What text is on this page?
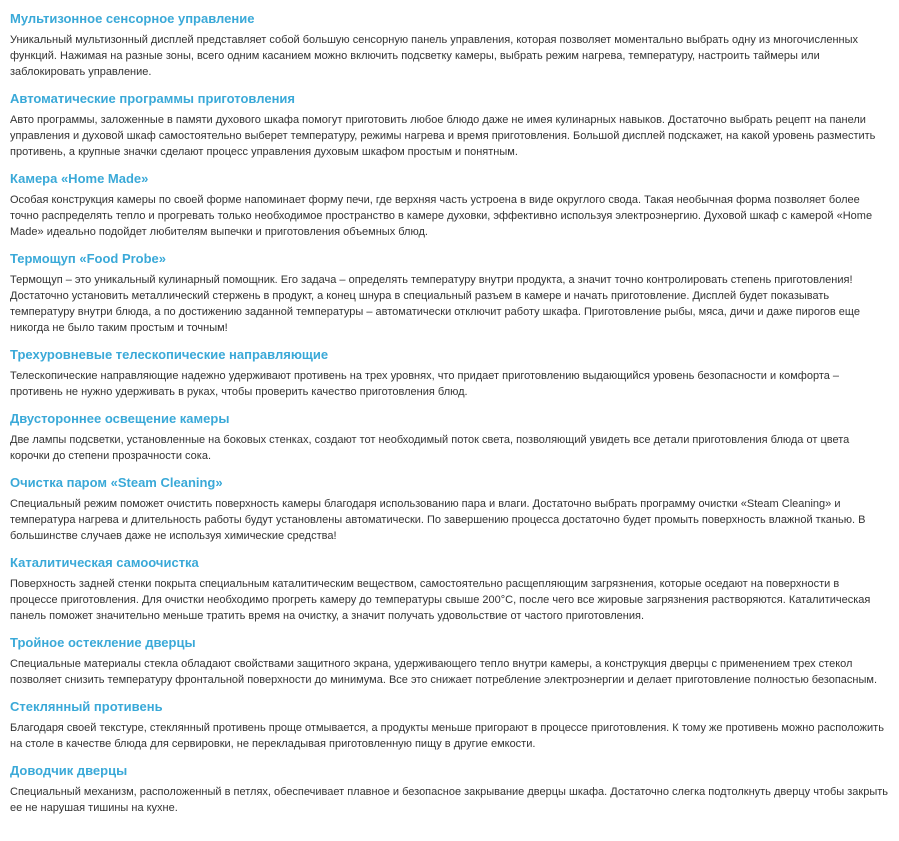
Мультизонное сенсорное управление

Уникальный мультизонный дисплей представляет собой большую сенсорную панель управления, которая позволяет моментально выбрать одну из многочисленных функций. Нажимая на разные зоны, всего одним касанием можно включить подсветку камеры, выбрать режим нагрева, температуру, настроить таймеры или заблокировать управление.

Автоматические программы приготовления

Авто программы, заложенные в памяти духового шкафа помогут приготовить любое блюдо даже не имея кулинарных навыков. Достаточно выбрать рецепт на панели управления и духовой шкаф самостоятельно выберет температуру, режимы нагрева и время приготовления. Большой дисплей подскажет, на какой уровень разместить противень, а крупные значки сделают процесс управления духовым шкафом простым и понятным.

Камера «Home Made»

Особая конструкция камеры по своей форме напоминает форму печи, где верхняя часть устроена в виде округлого свода. Такая необычная форма позволяет более точно распределять тепло и прогревать только необходимое пространство в камере духовки, эффективно используя электроэнергию. Духовой шкаф с камерой «Home Made» идеально подойдет любителям выпечки и приготовления объемных блюд.

Термощуп «Food Probe»

Термощуп – это уникальный кулинарный помощник. Его задача – определять температуру внутри продукта, а значит точно контролировать степень приготовления! Достаточно установить металлический стержень в продукт, а конец шнура в специальный разъем в камере и начать приготовление. Дисплей будет показывать температуру внутри блюда, а по достижению заданной температуры – автоматически отключит работу шкафа. Приготовление рыбы, мяса, дичи и даже пирогов еще никогда не было таким простым и точным!

Трехуровневые телескопические направляющие

Телескопические направляющие надежно удерживают противень на трех уровнях, что придает приготовлению выдающийся уровень безопасности и комфорта – противень не нужно удерживать в руках, чтобы проверить качество приготовления блюд.

Двустороннее освещение камеры

Две лампы подсветки, установленные на боковых стенках, создают тот необходимый поток света, позволяющий увидеть все детали приготовления блюда от цвета корочки до степени прозрачности сока.

Очистка паром «Steam Cleaning»

Специальный режим поможет очистить поверхность камеры благодаря использованию пара и влаги. Достаточно выбрать программу очистки «Steam Cleaning» и температура нагрева и длительность работы будут установлены автоматически. По завершению процесса достаточно будет промыть поверхность влажной тканью. В большинстве случаев даже не используя химические средства!

Каталитическая самоочистка

Поверхность задней стенки покрыта специальным каталитическим веществом, самостоятельно расщепляющим загрязнения, которые оседают на поверхности в процессе приготовления. Для очистки необходимо прогреть камеру до температуры свыше 200°С, после чего все жировые загрязнения растворяются. Каталитическая панель поможет значительно меньше тратить время на очистку, а значит получать удовольствие от частого приготовления.

Тройное остекление дверцы

Специальные материалы стекла обладают свойствами защитного экрана, удерживающего тепло внутри камеры, а конструкция дверцы с применением трех стекол позволяет снизить температуру фронтальной поверхности до минимума. Все это снижает потребление электроэнергии и делает приготовление полностью безопасным.

Стеклянный противень

Благодаря своей текстуре, стеклянный противень проще отмывается, а продукты меньше пригорают в процессе приготовления. К тому же противень можно расположить на столе в качестве блюда для сервировки, не перекладывая приготовленную пищу в другие емкости.

Доводчик дверцы

Специальный механизм, расположенный в петлях, обеспечивает плавное и безопасное закрывание дверцы шкафа. Достаточно слегка подтолкнуть дверцу чтобы закрыть ее не нарушая тишины на кухне.
